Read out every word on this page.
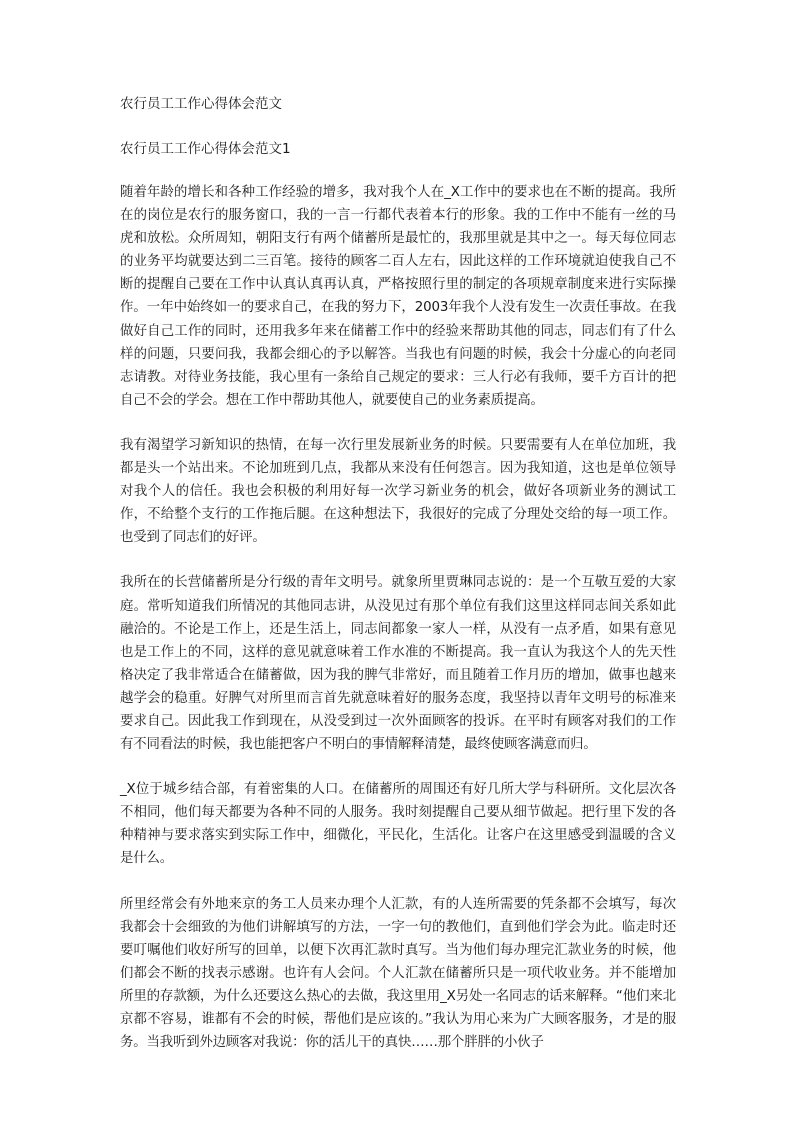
农行员工工作心得体会范文
农行员工工作心得体会范文1

随着年龄的增长和各种工作经验的增多，我对我个人在_X工作中的要求也在不断的提高。我所在的岗位是农行的服务窗口，我的一言一行都代表着本行的形象。我的工作中不能有一丝的马虎和放松。众所周知，朝阳支行有两个储蓄所是最忙的，我那里就是其中之一。每天每位同志的业务平均就要达到二三百笔。接待的顾客二百人左右，因此这样的工作环境就迫使我自己不断的提醒自己要在工作中认真认真再认真，严格按照行里的制定的各项规章制度来进行实际操作。一年中始终如一的要求自己，在我的努力下，2003年我个人没有发生一次责任事故。在我做好自己工作的同时，还用我多年来在储蓄工作中的经验来帮助其他的同志，同志们有了什么样的问题，只要问我，我都会细心的予以解答。当我也有问题的时候，我会十分虚心的向老同志请教。对待业务技能，我心里有一条给自己规定的要求：三人行必有我师，要千方百计的把自己不会的学会。想在工作中帮助其他人，就要使自己的业务素质提高。

我有渴望学习新知识的热情，在每一次行里发展新业务的时候。只要需要有人在单位加班，我都是头一个站出来。不论加班到几点，我都从来没有任何怨言。因为我知道，这也是单位领导对我个人的信任。我也会积极的利用好每一次学习新业务的机会，做好各项新业务的测试工作，不给整个支行的工作拖后腿。在这种想法下，我很好的完成了分理处交给的每一项工作。也受到了同志们的好评。

我所在的长营储蓄所是分行级的青年文明号。就象所里贾琳同志说的：是一个互敬互爱的大家庭。常听知道我们所情况的其他同志讲，从没见过有那个单位有我们这里这样同志间关系如此融洽的。不论是工作上，还是生活上，同志间都象一家人一样，从没有一点矛盾，如果有意见也是工作上的不同，这样的意见就意味着工作水准的不断提高。我一直认为我这个人的先天性格决定了我非常适合在储蓄做，因为我的脾气非常好，而且随着工作月历的增加，做事也越来越学会的稳重。好脾气对所里而言首先就意味着好的服务态度，我坚持以青年文明号的标准来要求自己。因此我工作到现在，从没受到过一次外面顾客的投诉。在平时有顾客对我们的工作有不同看法的时候，我也能把客户不明白的事情解释清楚，最终使顾客满意而归。

_X位于城乡结合部，有着密集的人口。在储蓄所的周围还有好几所大学与科研所。文化层次各不相同，他们每天都要为各种不同的人服务。我时刻提醒自己要从细节做起。把行里下发的各种精神与要求落实到实际工作中，细微化，平民化，生活化。让客户在这里感受到温暖的含义是什么。

所里经常会有外地来京的务工人员来办理个人汇款，有的人连所需要的凭条都不会填写，每次我都会十会细致的为他们讲解填写的方法，一字一句的教他们，直到他们学会为此。临走时还要叮嘱他们收好所写的回单，以便下次再汇款时真写。当为他们每办理完汇款业务的时候，他们都会不断的找表示感谢。也许有人会问。个人汇款在储蓄所只是一项代收业务。并不能增加所里的存款额，为什么还要这么热心的去做，我这里用_X另处一名同志的话来解释。“他们来北京都不容易，谁都有不会的时候，帮他们是应该的。”我认为用心来为广大顾客服务，才是的服务。当我听到外边顾客对我说：你的活儿干的真快……那个胖胖的小伙子
